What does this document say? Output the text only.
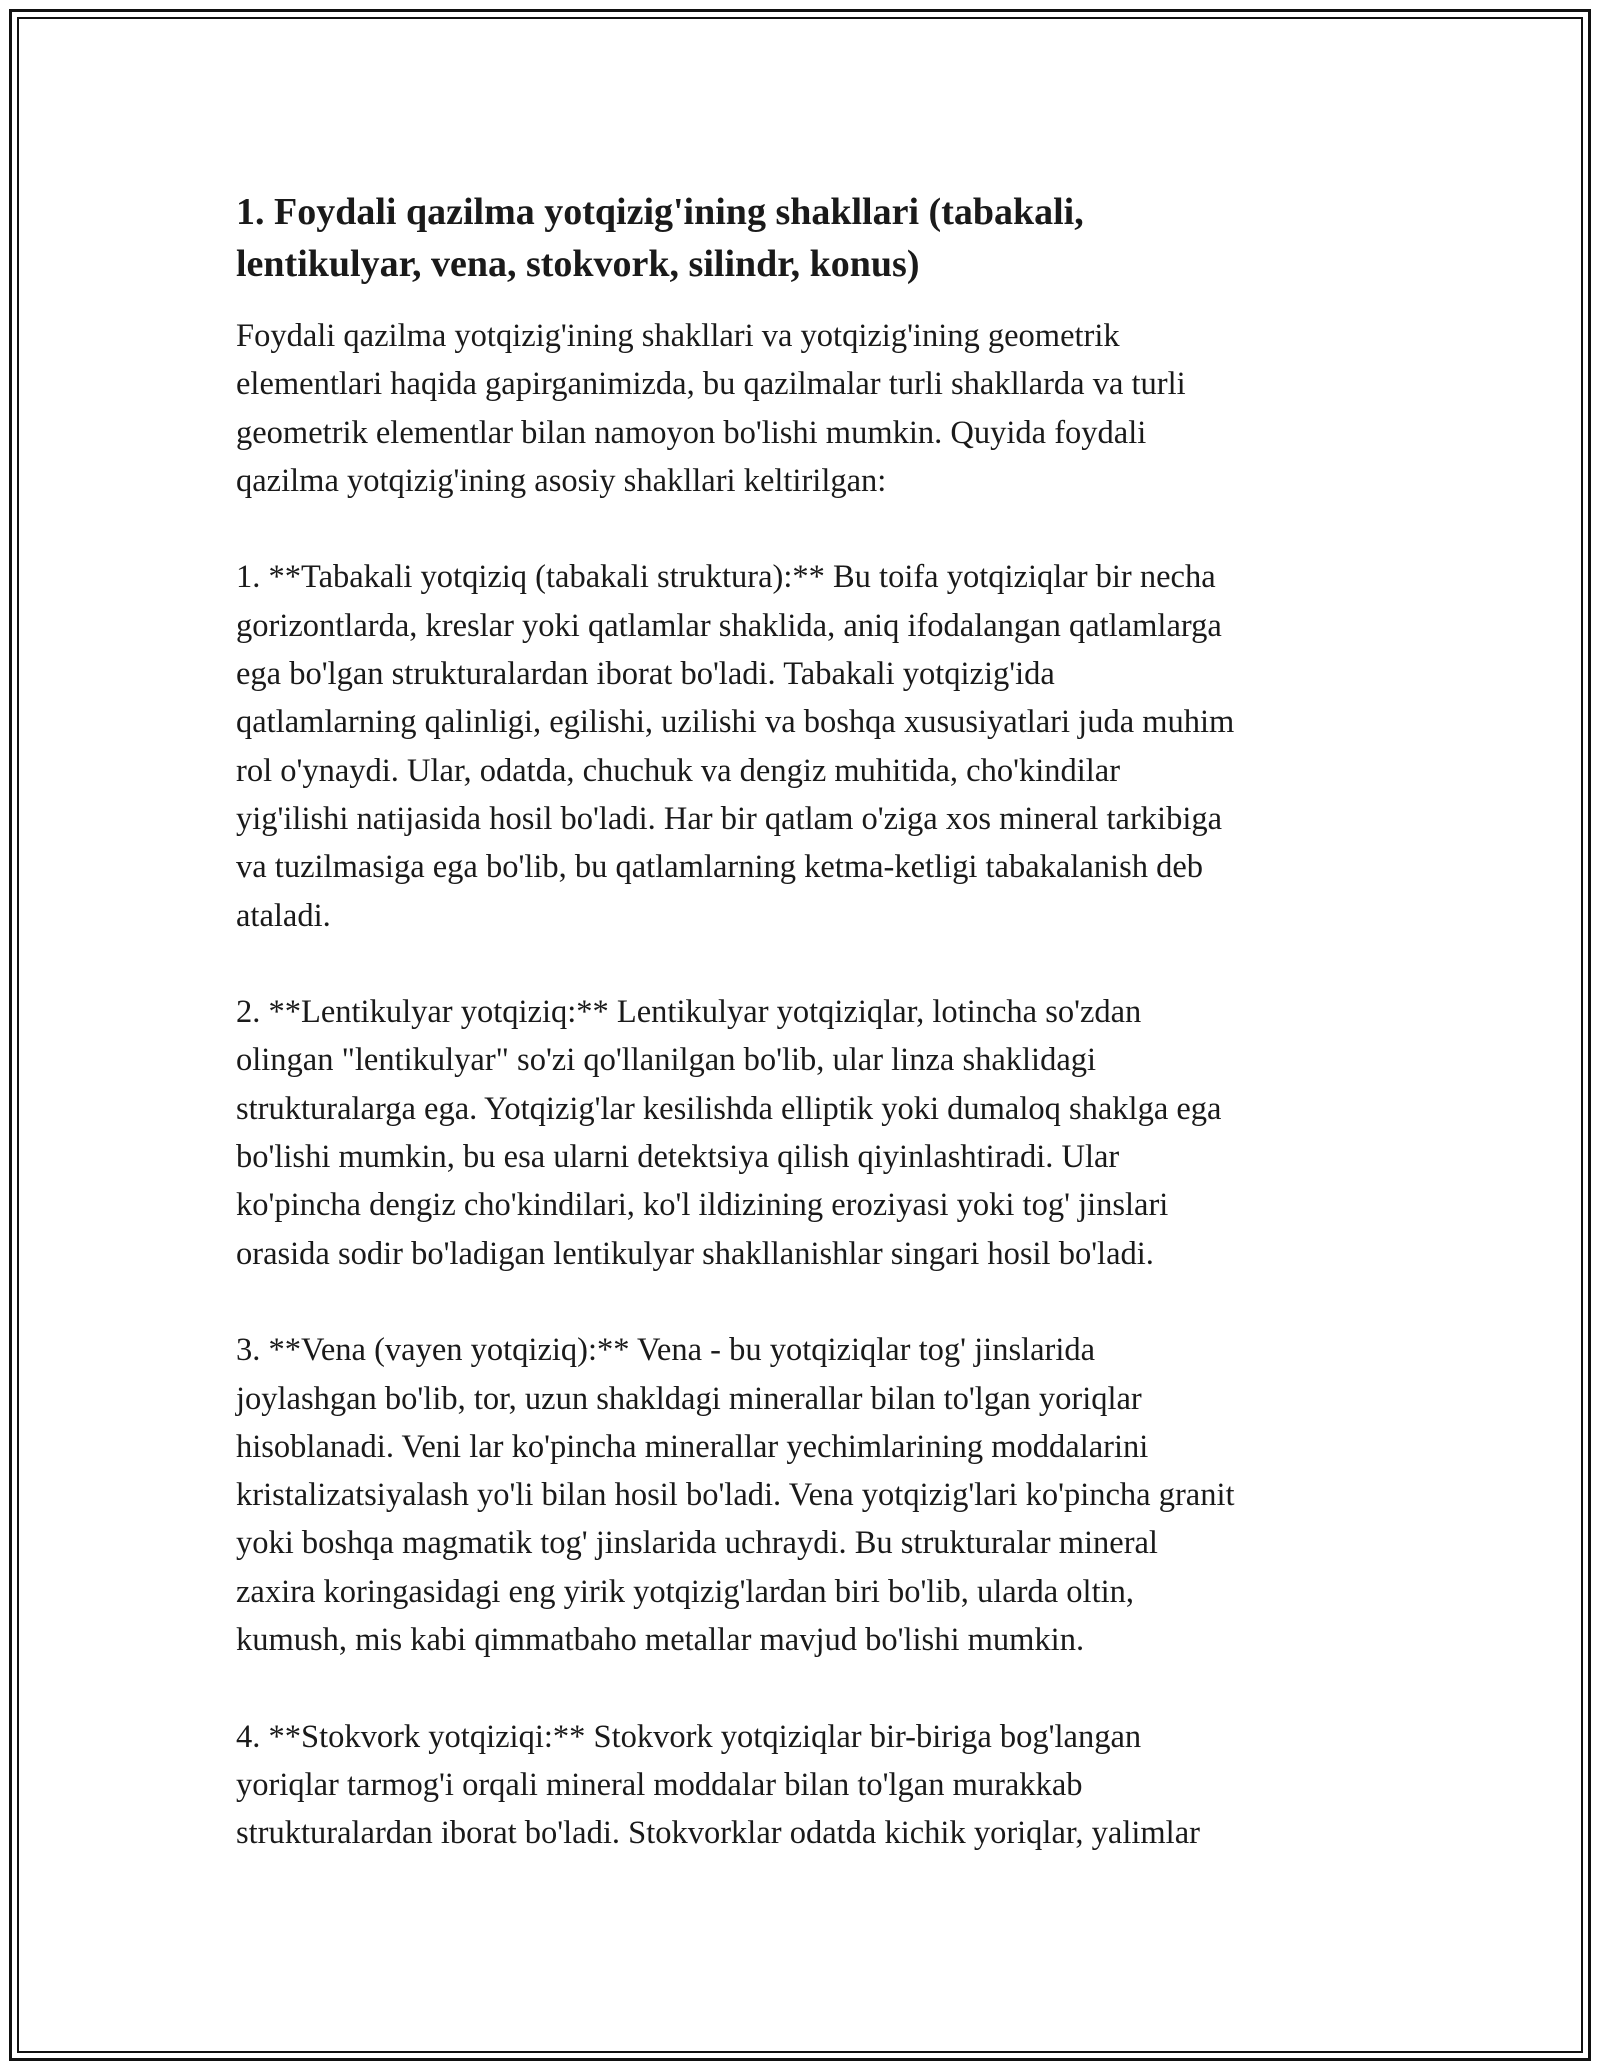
1. Foydali qazilma yotqizig'ining shakllari (tabakali,
lentikulyar, vena, stokvork, silindr, konus)

Foydali qazilma yotqizig'ining shakllari va yotqizig'ining geometrik
elementlari haqida gapirganimizda, bu qazilmalar turli shakllarda va turli
geometrik elementlar bilan namoyon bo'lishi mumkin. Quyida foydali
qazilma yotqizig'ining asosiy shakllari keltirilgan:

1. **Tabakali yotqiziq (tabakali struktura):** Bu toifa yotqiziqlar bir necha
gorizontlarda, kreslar yoki qatlamlar shaklida, aniq ifodalangan qatlamlarga
ega bo'lgan strukturalardan iborat bo'ladi. Tabakali yotqizig'ida
qatlamlarning qalinligi, egilishi, uzilishi va boshqa xususiyatlari juda muhim
rol o'ynaydi. Ular, odatda, chuchuk va dengiz muhitida, cho'kindilar
yig'ilishi natijasida hosil bo'ladi. Har bir qatlam o'ziga xos mineral tarkibiga
va tuzilmasiga ega bo'lib, bu qatlamlarning ketma-ketligi tabakalanish deb
ataladi.

2. **Lentikulyar yotqiziq:** Lentikulyar yotqiziqlar, lotincha so'zdan
olingan "lentikulyar" so'zi qo'llanilgan bo'lib, ular linza shaklidagi
strukturalarga ega. Yotqizig'lar kesilishda elliptik yoki dumaloq shaklga ega
bo'lishi mumkin, bu esa ularni detektsiya qilish qiyinlashtiradi. Ular
ko'pincha dengiz cho'kindilari, ko'l ildizining eroziyasi yoki tog' jinslari
orasida sodir bo'ladigan lentikulyar shakllanishlar singari hosil bo'ladi.

3. **Vena (vayen yotqiziq):** Vena - bu yotqiziqlar tog' jinslarida
joylashgan bo'lib, tor, uzun shakldagi minerallar bilan to'lgan yoriqlar
hisoblanadi. Veni lar ko'pincha minerallar yechimlarining moddalarini
kristalizatsiyalash yo'li bilan hosil bo'ladi. Vena yotqizig'lari ko'pincha granit
yoki boshqa magmatik tog' jinslarida uchraydi. Bu strukturalar mineral
zaxira koringasidagi eng yirik yotqizig'lardan biri bo'lib, ularda oltin,
kumush, mis kabi qimmatbaho metallar mavjud bo'lishi mumkin.

4. **Stokvork yotqiziqi:** Stokvork yotqiziqlar bir-biriga bog'langan
yoriqlar tarmog'i orqali mineral moddalar bilan to'lgan murakkab
strukturalardan iborat bo'ladi. Stokvorklar odatda kichik yoriqlar, yalimlar
